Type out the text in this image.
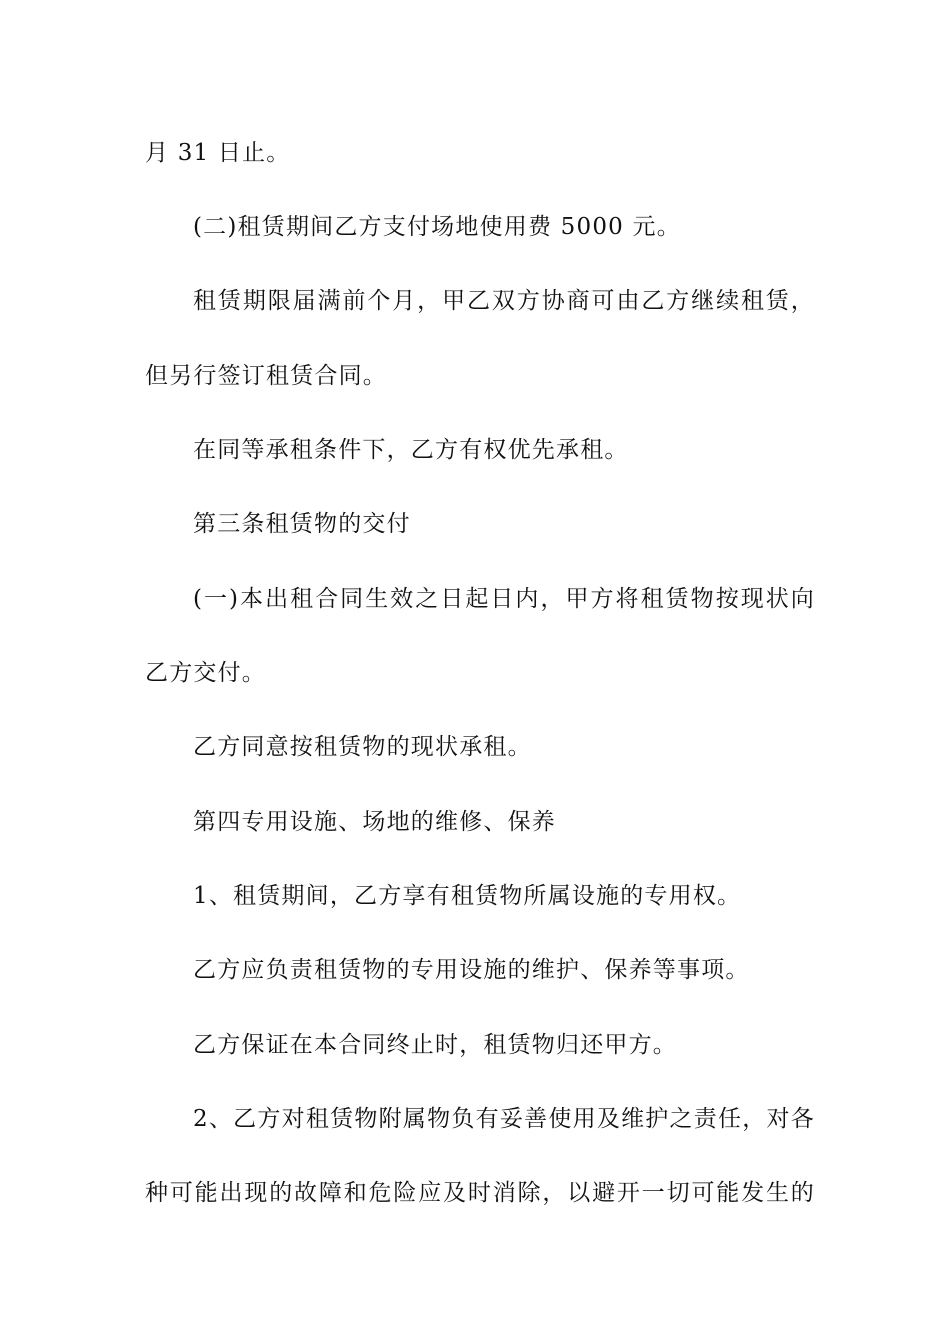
月 31 日止。

(二)租赁期间乙方支付场地使用费 5000 元。

租赁期限届满前个月，甲乙双方协商可由乙方继续租赁，

但另行签订租赁合同。

在同等承租条件下，乙方有权优先承租。

第三条租赁物的交付

(一)本出租合同生效之日起日内，甲方将租赁物按现状向

乙方交付。

乙方同意按租赁物的现状承租。

第四专用设施、场地的维修、保养

1、租赁期间，乙方享有租赁物所属设施的专用权。

乙方应负责租赁物的专用设施的维护、保养等事项。

乙方保证在本合同终止时，租赁物归还甲方。

2、乙方对租赁物附属物负有妥善使用及维护之责任，对各

种可能出现的故障和危险应及时消除，以避开一切可能发生的
